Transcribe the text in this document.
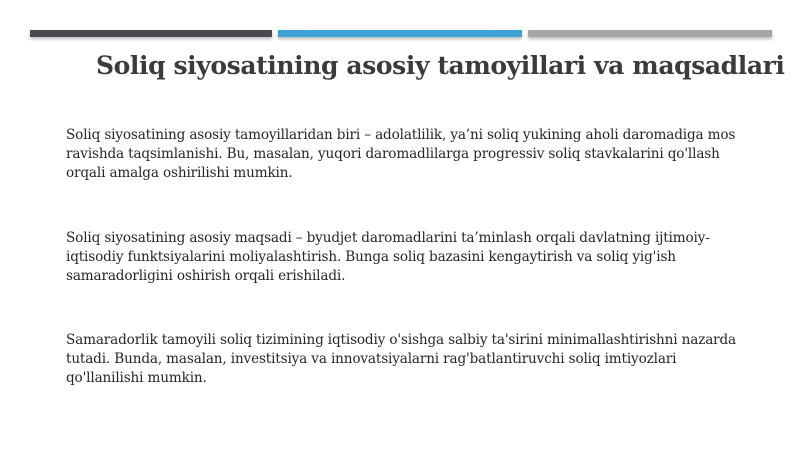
Soliq siyosatining asosiy tamoyillari va maqsadlari

Soliq siyosatining asosiy tamoyillaridan biri – adolatlilik, ya’ni soliq yukining aholi daromadiga mos ravishda taqsimlanishi. Bu, masalan, yuqori daromadlilarga progressiv soliq stavkalarini qo'llash orqali amalga oshirilishi mumkin.

Soliq siyosatining asosiy maqsadi – byudjet daromadlarini ta’minlash orqali davlatning ijtimoiy-iqtisodiy funktsiyalarini moliyalashtirish. Bunga soliq bazasini kengaytirish va soliq yig'ish samaradorligini oshirish orqali erishiladi.

Samaradorlik tamoyili soliq tizimining iqtisodiy o'sishga salbiy ta'sirini minimallashtirishni nazarda tutadi. Bunda, masalan, investitsiya va innovatsiyalarni rag'batlantiruvchi soliq imtiyozlari qo'llanilishi mumkin.
